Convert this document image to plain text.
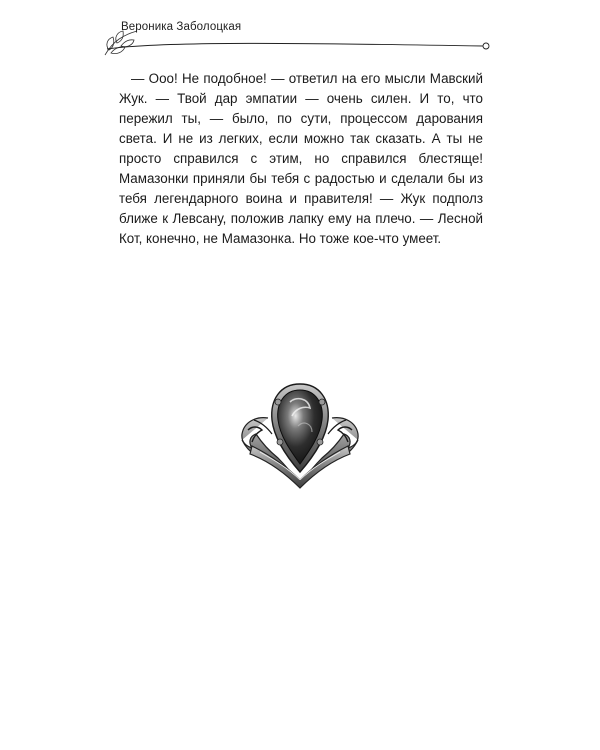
Вероника Заболоцкая

— Ооо! Не подобное! — ответил на его мысли Мавский Жук. — Твой дар эмпатии — очень силен. И то, что пережил ты, — было, по сути, процессом дарования света. И не из легких, если можно так сказать. А ты не просто справился с этим, но справился блестяще! Мамазонки приняли бы тебя с радостью и сделали бы из тебя легендарного воина и правителя! — Жук подполз ближе к Левсану, положив лапку ему на плечо. — Лесной Кот, конечно, не Мамазонка. Но тоже кое-что умеет.
